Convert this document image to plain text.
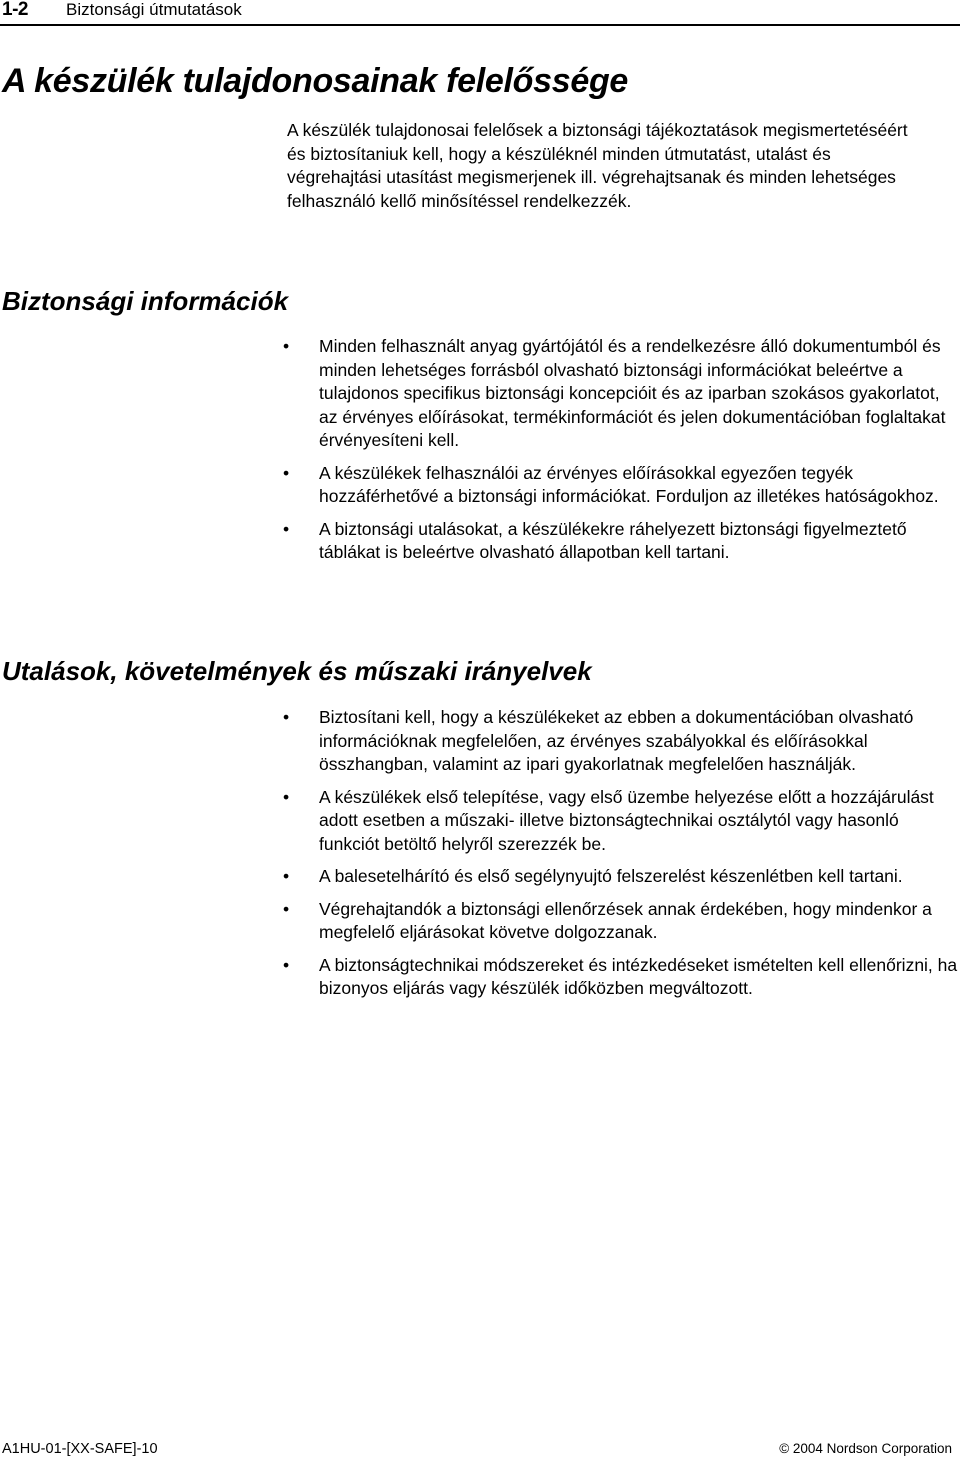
1-2 Biztonsági útmutatások
A készülék tulajdonosainak felelőssége

A készülék tulajdonosai felelősek a biztonsági tájékoztatások megismertetéséért és biztosítaniuk kell, hogy a készüléknél minden útmutatást, utalást és végrehajtási utasítást megismerjenek ill. végrehajtsanak és minden lehetséges felhasználó kellő minősítéssel rendelkezzék.

Biztonsági információk
• Minden felhasznált anyag gyártójától és a rendelkezésre álló dokumentumból és minden lehetséges forrásból olvasható biztonsági információkat beleértve a tulajdonos specifikus biztonsági koncepcióit és az iparban szokásos gyakorlatot, az érvényes előírásokat, termékinformációt és jelen dokumentációban foglaltakat érvényesíteni kell.
• A készülékek felhasználói az érvényes előírásokkal egyezően tegyék hozzáférhetővé a biztonsági információkat. Forduljon az illetékes hatóságokhoz.
• A biztonsági utalásokat, a készülékekre ráhelyezett biztonsági figyelmeztető táblákat is beleértve olvasható állapotban kell tartani.
Utalások, követelmények és műszaki irányelvek
• Biztosítani kell, hogy a készülékeket az ebben a dokumentációban olvasható információknak megfelelően, az érvényes szabályokkal és előírásokkal összhangban, valamint az ipari gyakorlatnak megfelelően használják.
• A készülékek első telepítése, vagy első üzembe helyezése előtt a hozzájárulást adott esetben a műszaki- illetve biztonságtechnikai osztálytól vagy hasonló funkciót betöltő helyről szerezzék be.
• A balesetelhárító és első segélynyujtó felszerelést készenlétben kell tartani.
• Végrehajtandók a biztonsági ellenőrzések annak érdekében, hogy mindenkor a megfelelő eljárásokat követve dolgozzanak.
• A biztonságtechnikai módszereket és intézkedéseket ismételten kell ellenőrizni, ha bizonyos eljárás vagy készülék időközben megváltozott.
A1HU-01-[XX-SAFE]-10	© 2004 Nordson Corporation
